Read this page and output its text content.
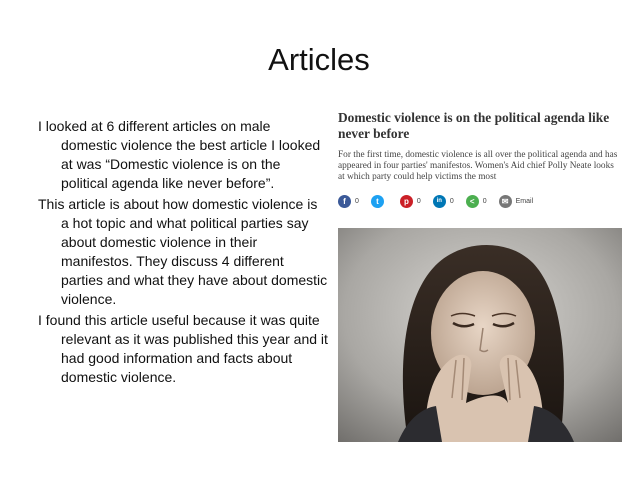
Articles

I looked at 6 different articles on male domestic violence the best article I looked at was “Domestic violence is on the political agenda like never before”.

This article is about how domestic violence is a hot topic and what political parties say about domestic violence in their manifestos. They discuss 4 different parties and what they have about domestic violence.

I found this article useful because it was quite relevant as it was published this year and it had good information and facts about domestic violence.

Domestic violence is on the political agenda like never before
For the first time, domestic violence is all over the political agenda and has appeared in four parties' manifestos. Women's Aid chief Polly Neate looks at which party could help victims the most
f	0	t	p	0	in	0	<	0	✉	Email
